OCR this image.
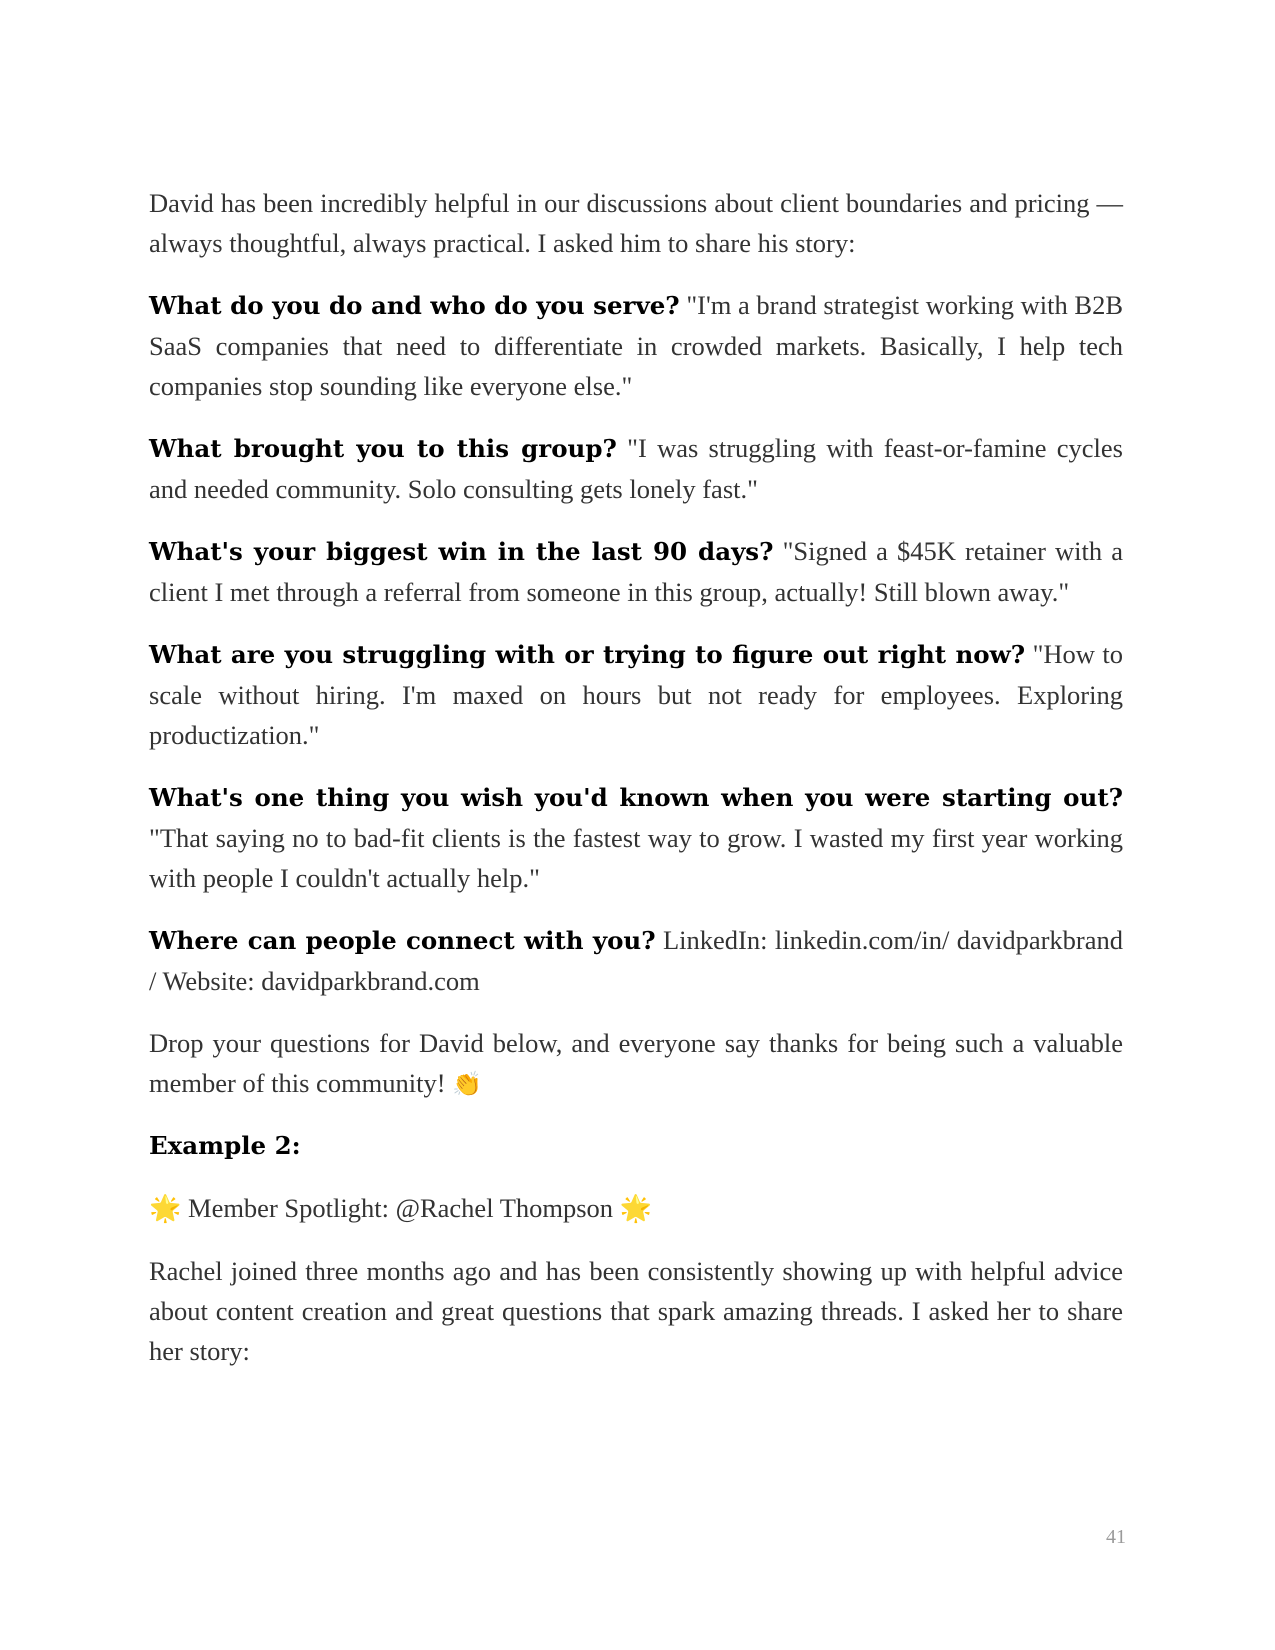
David has been incredibly helpful in our discussions about client boundaries and pricing — always thoughtful, always practical. I asked him to share his story:

What do you do and who do you serve? "I'm a brand strategist working with B2B SaaS companies that need to differentiate in crowded markets. Basically, I help tech companies stop sounding like everyone else."

What brought you to this group? "I was struggling with feast-or-famine cycles and needed community. Solo consulting gets lonely fast."

What's your biggest win in the last 90 days? "Signed a $45K retainer with a client I met through a referral from someone in this group, actually! Still blown away."

What are you struggling with or trying to figure out right now? "How to scale without hiring. I'm maxed on hours but not ready for employees. Exploring productization."

What's one thing you wish you'd known when you were starting out? "That saying no to bad-fit clients is the fastest way to grow. I wasted my first year working with people I couldn't actually help."

Where can people connect with you? LinkedIn: linkedin.com/in/ davidparkbrand / Website: davidparkbrand.com

Drop your questions for David below, and everyone say thanks for being such a valuable member of this community! 👏

Example 2:

🌟 Member Spotlight: @Rachel Thompson 🌟

Rachel joined three months ago and has been consistently showing up with helpful advice about content creation and great questions that spark amazing threads. I asked her to share her story:

41
